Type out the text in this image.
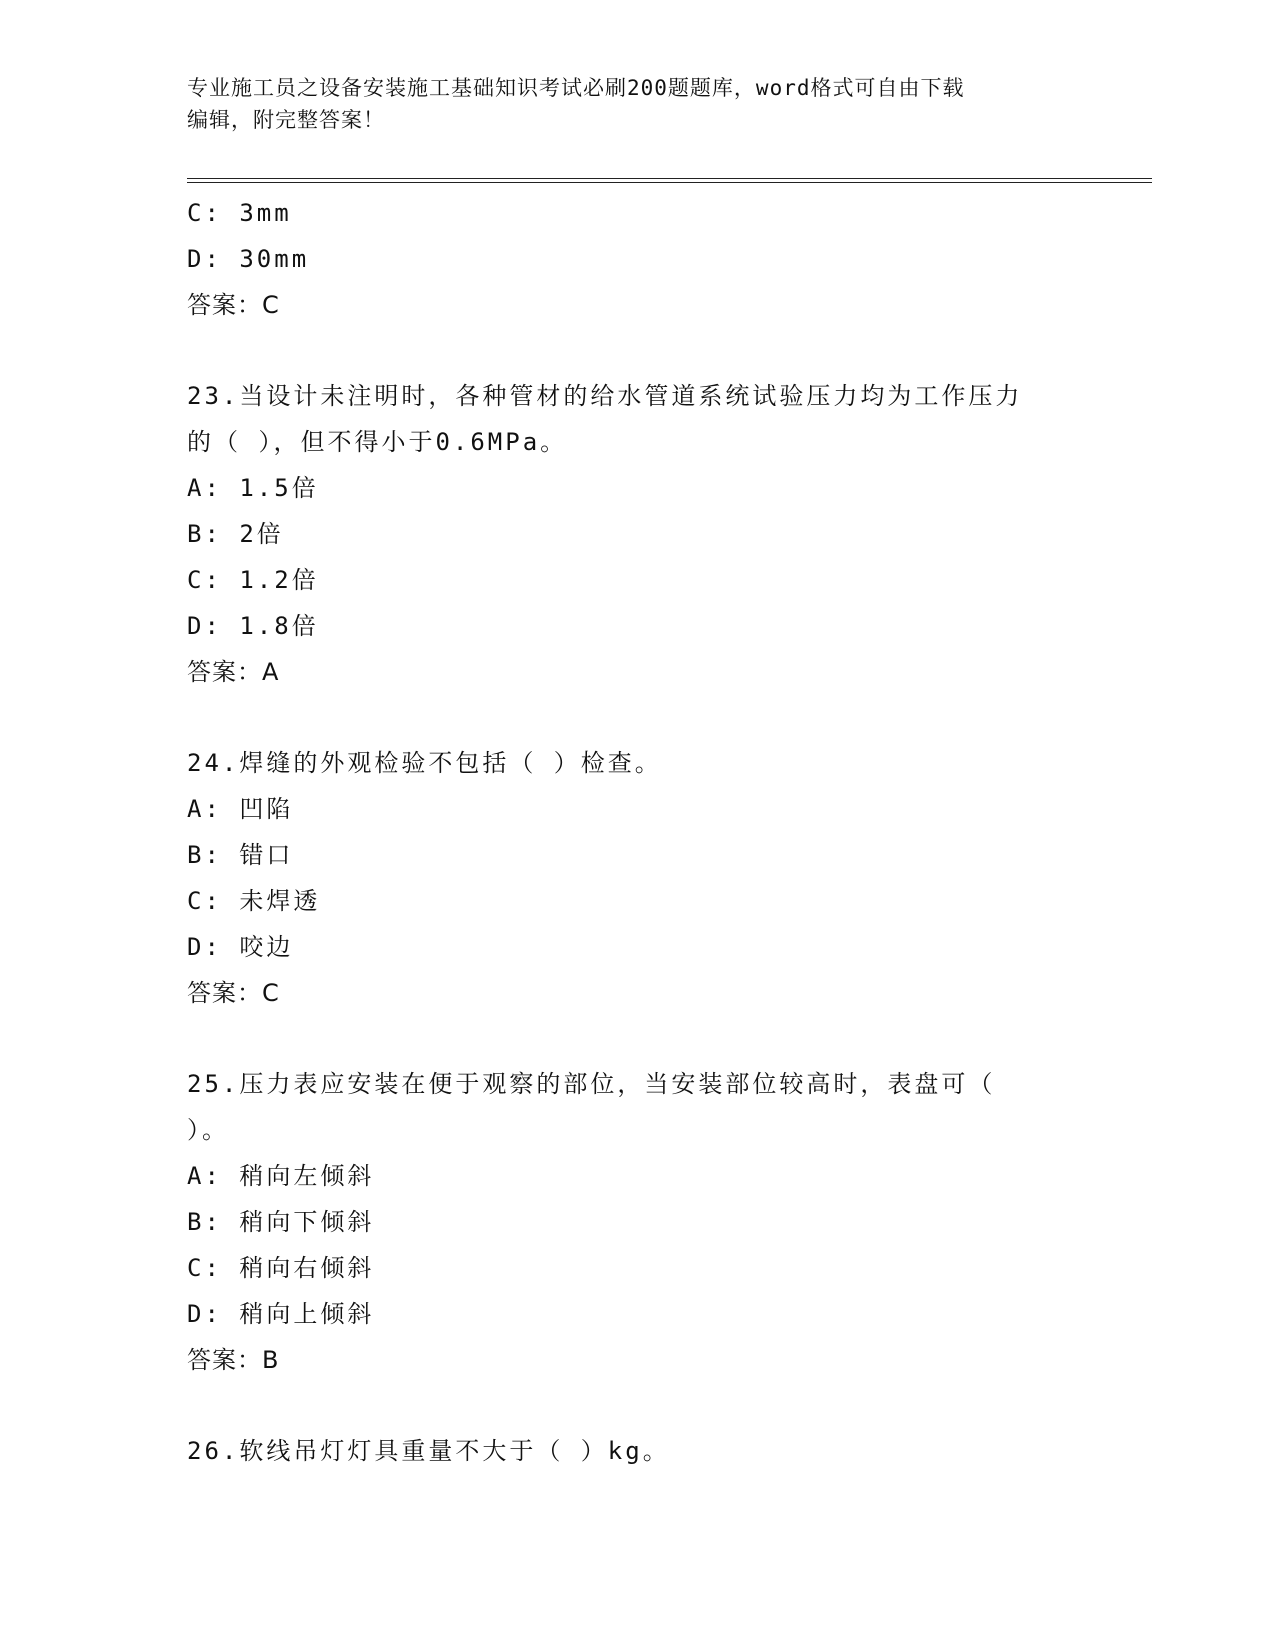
专业施工员之设备安装施工基础知识考试必刷200题题库，word格式可自由下载
编辑，附完整答案！
C: 3mm
D: 30mm
答案：C
23.当设计未注明时，各种管材的给水管道系统试验压力均为工作压力
的（ ），但不得小于0.6MPa。
A: 1.5倍
B: 2倍
C: 1.2倍
D: 1.8倍
答案：A
24.焊缝的外观检验不包括（ ）检查。
A: 凹陷
B: 错口
C: 未焊透
D: 咬边
答案：C
25.压力表应安装在便于观察的部位，当安装部位较高时，表盘可（
）。
A: 稍向左倾斜
B: 稍向下倾斜
C: 稍向右倾斜
D: 稍向上倾斜
答案：B
26.软线吊灯灯具重量不大于（ ）kg。
